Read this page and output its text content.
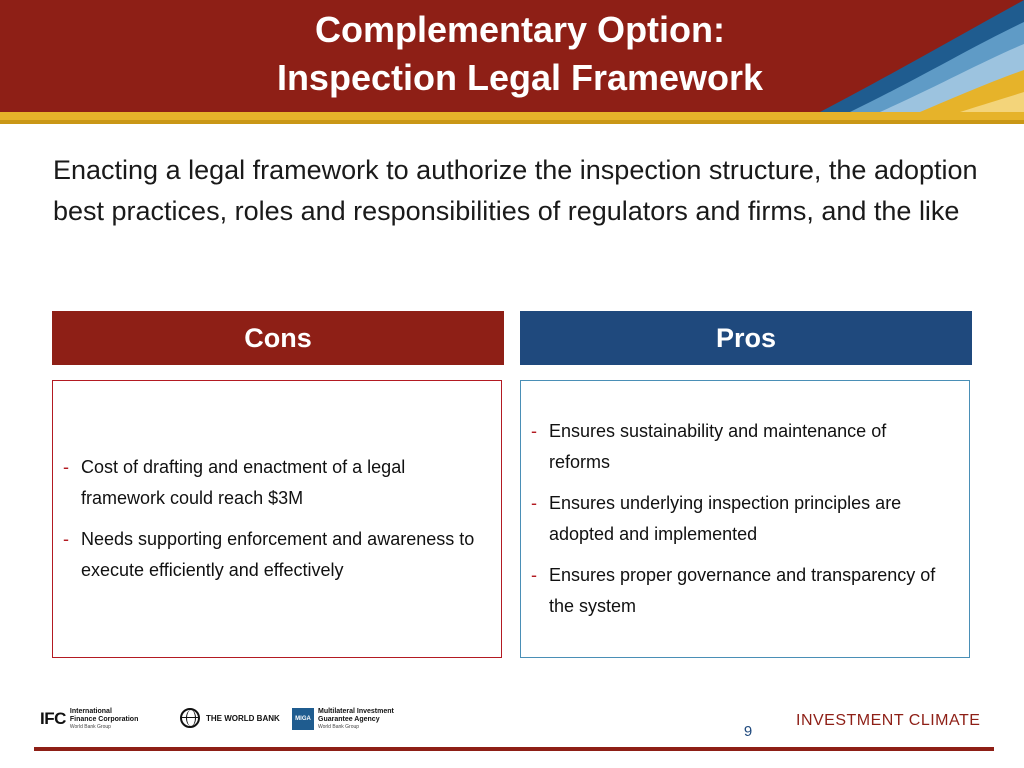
Complementary Option:
Inspection Legal Framework
Enacting a legal framework to authorize the inspection structure, the adoption best practices, roles and responsibilities of regulators and firms, and the like
Cons	Pros
- Cost of drafting and enactment of a legal framework could reach $3M
- Needs supporting enforcement and awareness to execute efficiently and effectively
- Ensures sustainability and maintenance of reforms
- Ensures underlying inspection principles are adopted and implemented
- Ensures proper governance and transparency of the system
IFC International
Finance Corporation
World Bank Group
THE WORLD BANK	MIGA
Multilateral Investment
Guarantee Agency
World Bank Group	9
INVESTMENT CLIMATE
